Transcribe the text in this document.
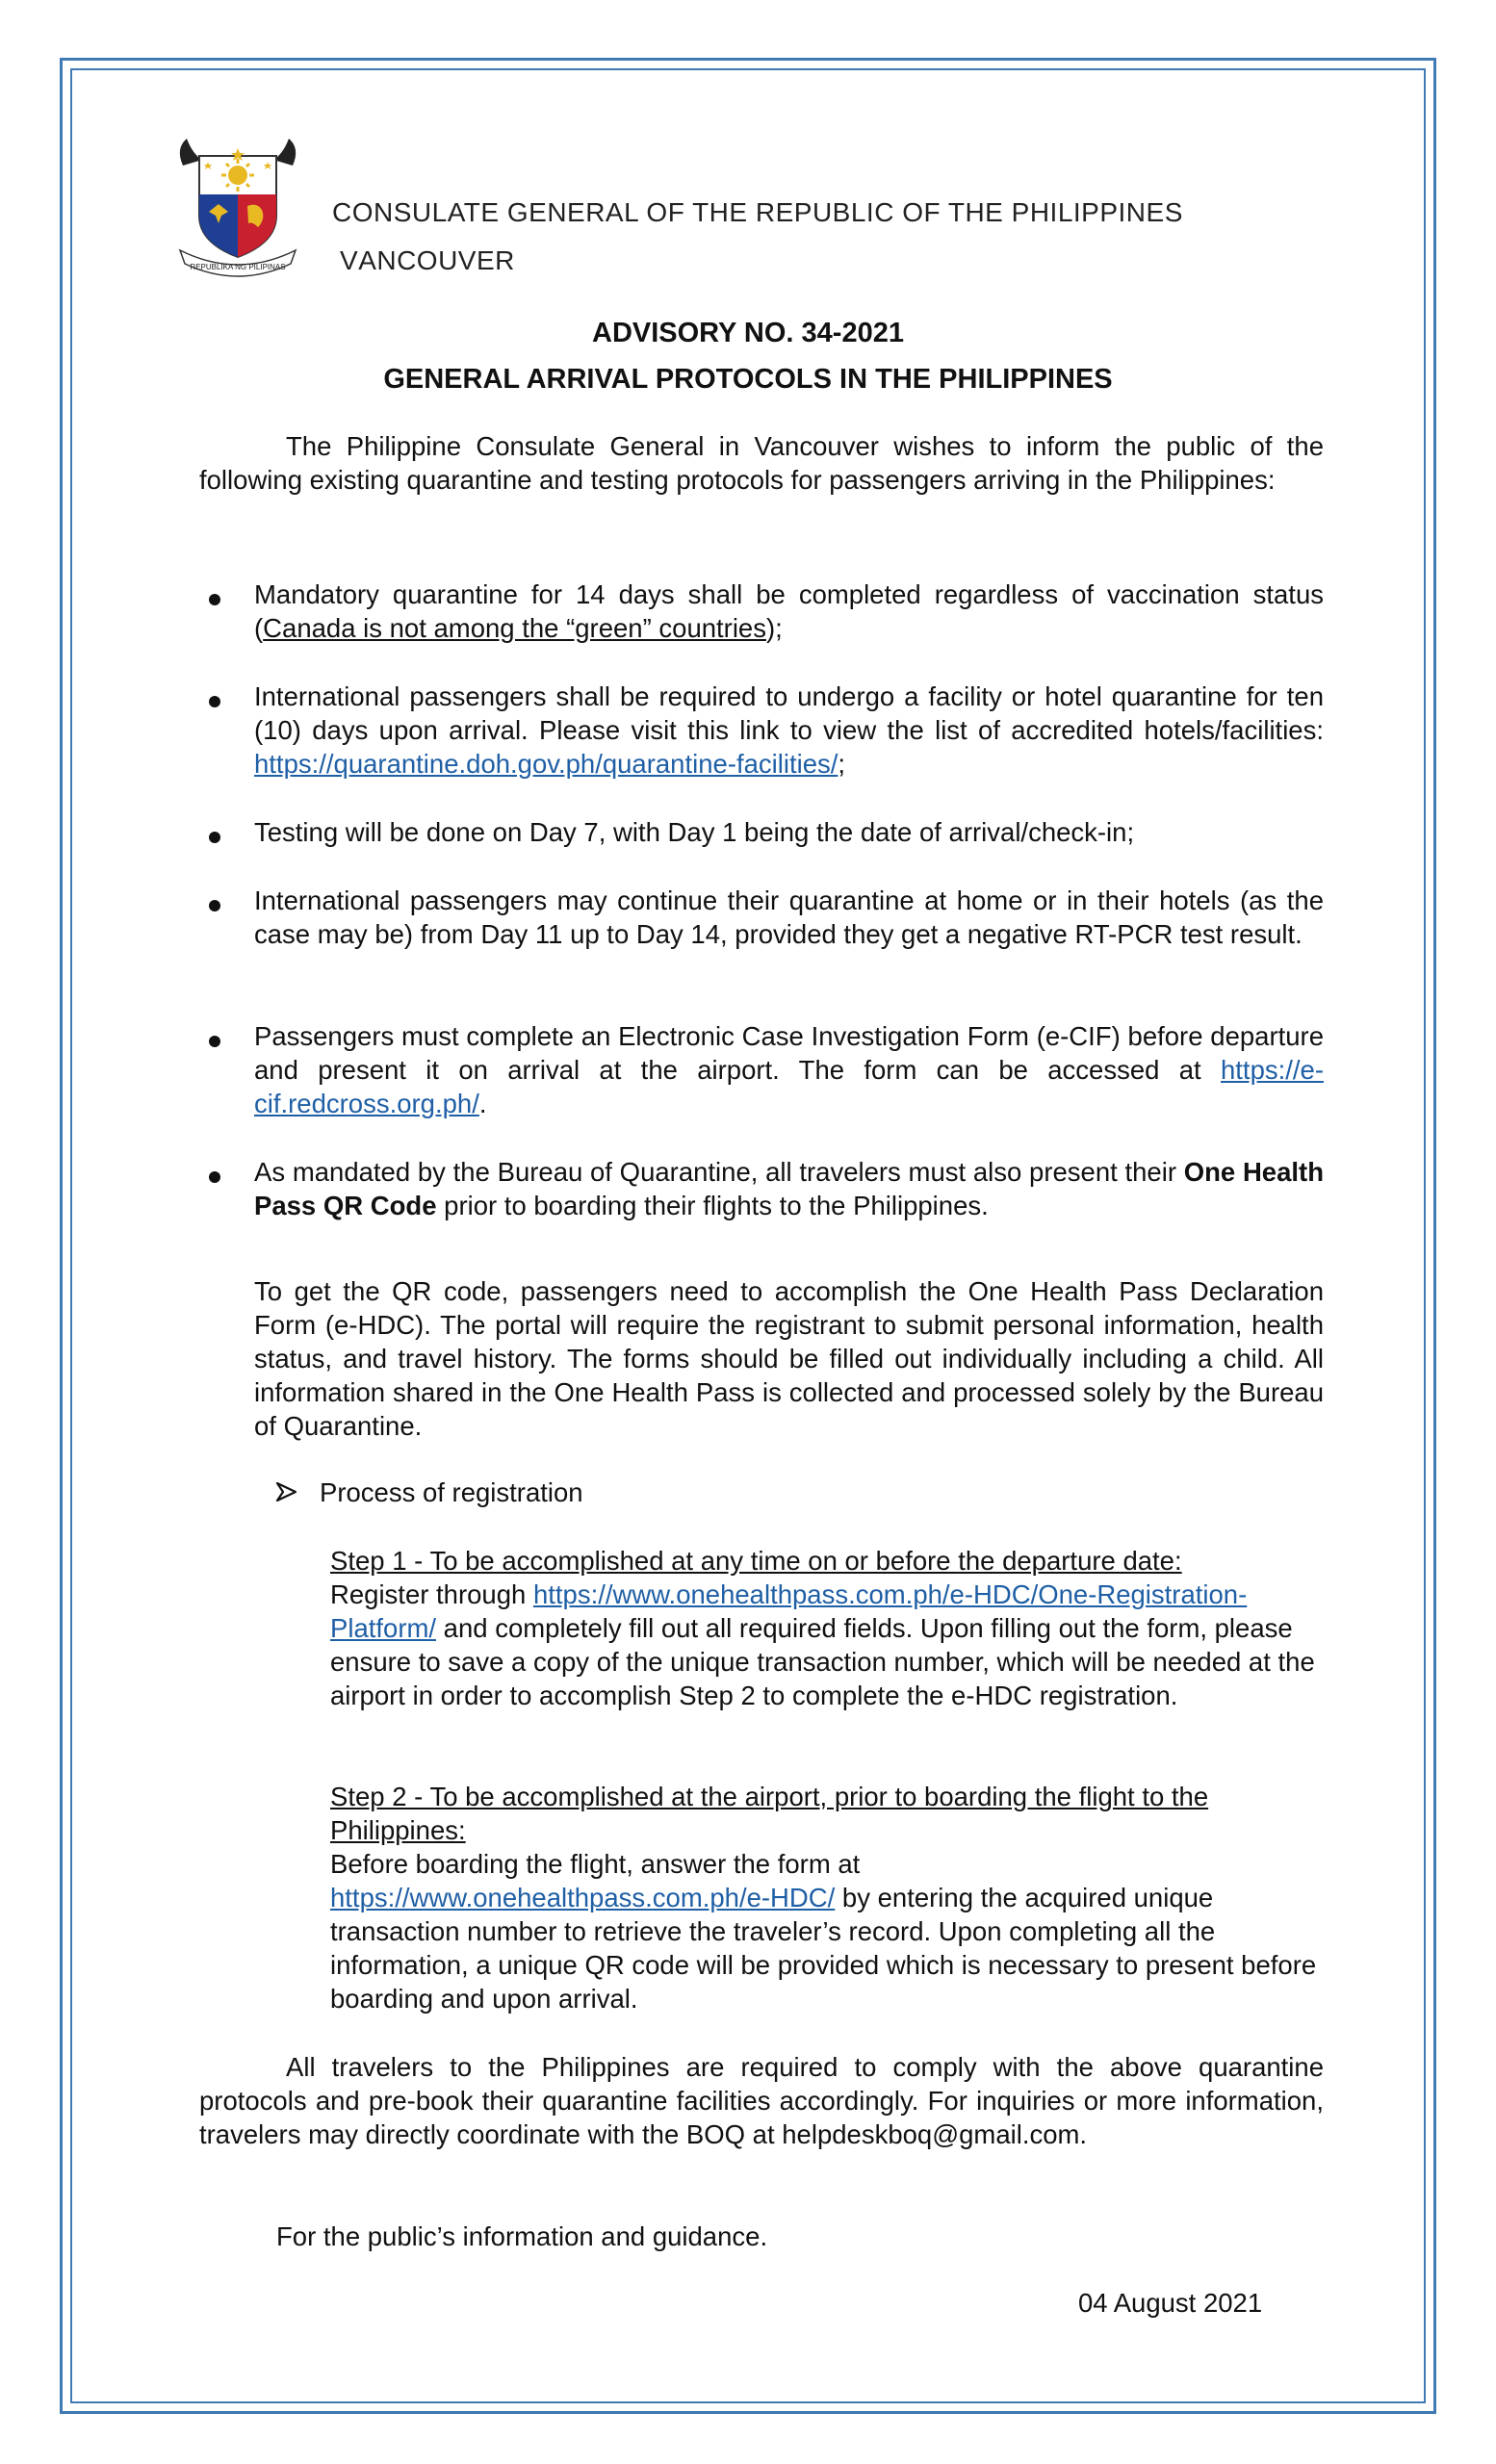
REPUBLIKA NG PILIPINAS
CONSULATE GENERAL OF THE REPUBLIC OF THE PHILIPPINES
VANCOUVER
ADVISORY NO. 34-2021
GENERAL ARRIVAL PROTOCOLS IN THE PHILIPPINES
The Philippine Consulate General in Vancouver wishes to inform the public of the following existing quarantine and testing protocols for passengers arriving in the Philippines:
Mandatory quarantine for 14 days shall be completed regardless of vaccination status (Canada is not among the “green” countries);
International passengers shall be required to undergo a facility or hotel quarantine for ten (10) days upon arrival. Please visit this link to view the list of accredited hotels/facilities: https://quarantine.doh.gov.ph/quarantine-facilities/;
Testing will be done on Day 7, with Day 1 being the date of arrival/check-in;
International passengers may continue their quarantine at home or in their hotels (as the case may be) from Day 11 up to Day 14, provided they get a negative RT-PCR test result.
Passengers must complete an Electronic Case Investigation Form (e-CIF) before departure and present it on arrival at the airport. The form can be accessed at https://e-cif.redcross.org.ph/.
As mandated by the Bureau of Quarantine, all travelers must also present their One Health Pass QR Code prior to boarding their flights to the Philippines.
To get the QR code, passengers need to accomplish the One Health Pass Declaration Form (e-HDC). The portal will require the registrant to submit personal information, health status, and travel history. The forms should be filled out individually including a child. All information shared in the One Health Pass is collected and processed solely by the Bureau of Quarantine.
Process of registration
Step 1 - To be accomplished at any time on or before the departure date:
Register through https://www.onehealthpass.com.ph/e-HDC/One-Registration-Platform/ and completely fill out all required fields. Upon filling out the form, please ensure to save a copy of the unique transaction number, which will be needed at the airport in order to accomplish Step 2 to complete the e-HDC registration.
Step 2 - To be accomplished at the airport, prior to boarding the flight to the Philippines:
Before boarding the flight, answer the form at
https://www.onehealthpass.com.ph/e-HDC/ by entering the acquired unique transaction number to retrieve the traveler’s record. Upon completing all the information, a unique QR code will be provided which is necessary to present before boarding and upon arrival.
All travelers to the Philippines are required to comply with the above quarantine protocols and pre-book their quarantine facilities accordingly. For inquiries or more information, travelers may directly coordinate with the BOQ at helpdeskboq@gmail.com.
For the public’s information and guidance.
04 August 2021
